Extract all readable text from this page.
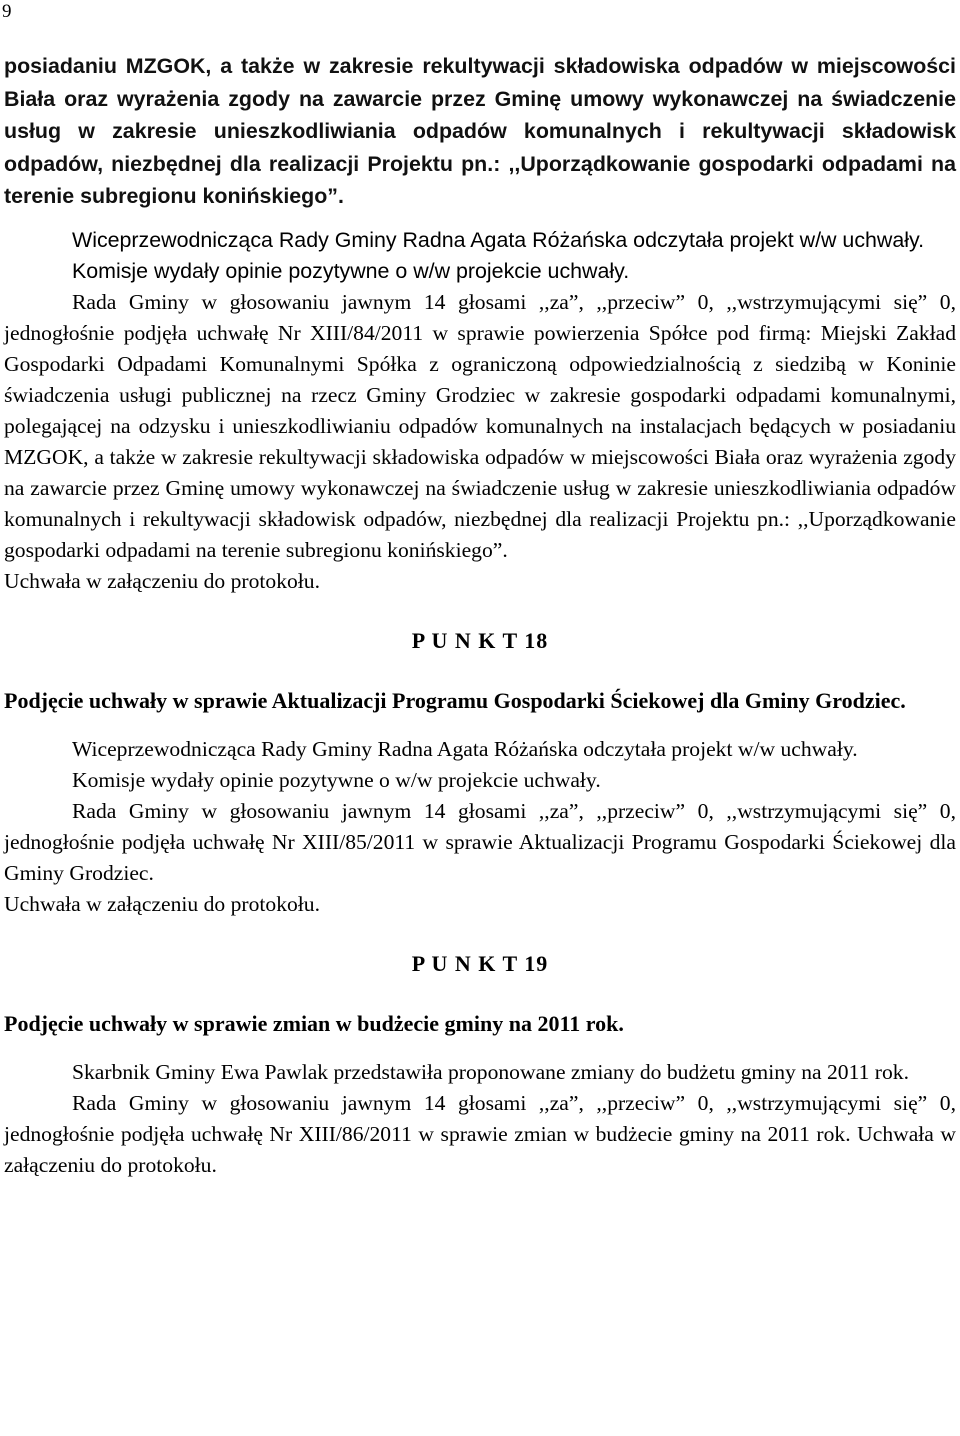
9

posiadaniu MZGOK, a także w zakresie rekultywacji składowiska odpadów w miejscowości Biała oraz wyrażenia zgody na zawarcie przez Gminę umowy wykonawczej na świadczenie usług w zakresie unieszkodliwiania odpadów komunalnych i rekultywacji składowisk odpadów, niezbędnej dla realizacji Projektu pn.: ,,Uporządkowanie gospodarki odpadami na terenie subregionu konińskiego”.

Wiceprzewodnicząca Rady Gminy Radna Agata Różańska odczytała projekt w/w uchwały.

Komisje wydały opinie pozytywne o w/w projekcie uchwały.

Rada Gminy w głosowaniu jawnym 14 głosami ,,za”, ,,przeciw” 0, ,,wstrzymującymi się” 0, jednogłośnie podjęła uchwałę Nr XIII/84/2011 w sprawie powierzenia Spółce pod firmą: Miejski Zakład Gospodarki Odpadami Komunalnymi Spółka z ograniczoną odpowiedzialnością z siedzibą w Koninie świadczenia usługi publicznej na rzecz Gminy Grodziec w zakresie gospodarki odpadami komunalnymi, polegającej na odzysku i unieszkodliwianiu odpadów komunalnych na instalacjach będących w posiadaniu MZGOK, a także w zakresie rekultywacji składowiska odpadów w miejscowości Biała oraz wyrażenia zgody na zawarcie przez Gminę umowy wykonawczej na świadczenie usług w zakresie unieszkodliwiania odpadów komunalnych i rekultywacji składowisk odpadów, niezbędnej dla realizacji Projektu pn.: ,,Uporządkowanie gospodarki odpadami na terenie subregionu konińskiego”.

Uchwała w załączeniu do protokołu.

P U N K T 18

Podjęcie uchwały w sprawie Aktualizacji Programu Gospodarki Ściekowej dla Gminy Grodziec.

Wiceprzewodnicząca Rady Gminy Radna Agata Różańska odczytała projekt w/w uchwały.

Komisje wydały opinie pozytywne o w/w projekcie uchwały.

Rada Gminy w głosowaniu jawnym 14 głosami ,,za”, ,,przeciw” 0, ,,wstrzymującymi się” 0, jednogłośnie podjęła uchwałę Nr XIII/85/2011 w sprawie Aktualizacji Programu Gospodarki Ściekowej dla Gminy Grodziec.

Uchwała w załączeniu do protokołu.

P U N K T 19

Podjęcie uchwały w sprawie zmian w budżecie gminy na 2011 rok.

Skarbnik Gminy Ewa Pawlak przedstawiła proponowane zmiany do budżetu gminy na 2011 rok.

Rada Gminy w głosowaniu jawnym 14 głosami ,,za”, ,,przeciw” 0, ,,wstrzymującymi się” 0, jednogłośnie podjęła uchwałę Nr XIII/86/2011 w sprawie zmian w budżecie gminy na 2011 rok. Uchwała w załączeniu do protokołu.
